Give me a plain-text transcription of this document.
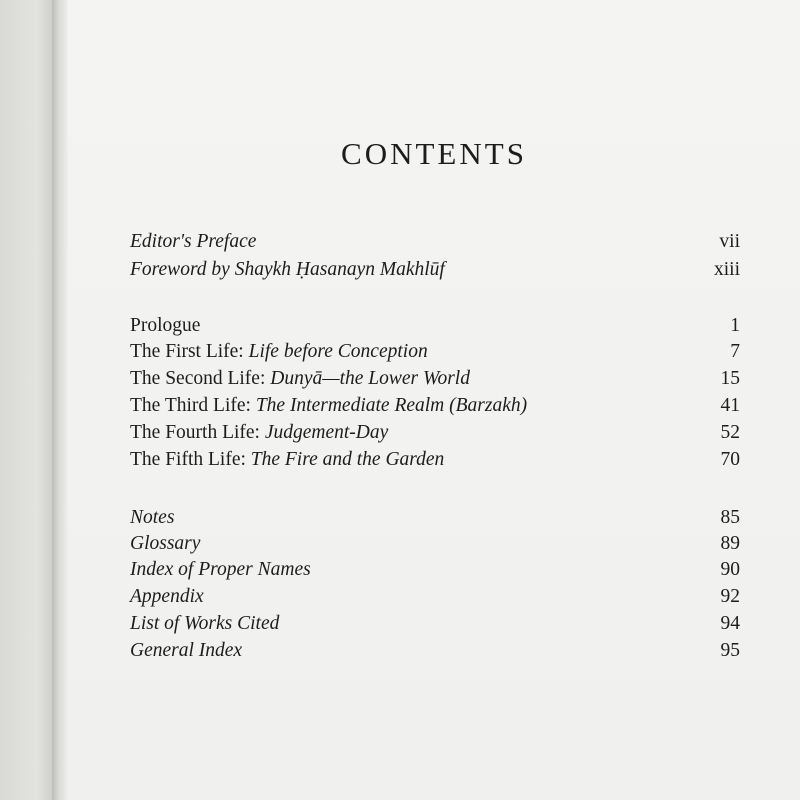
CONTENTS
Editor's Preface	vii
Foreword by Shaykh Ḥasanayn Makhlūf	xiii
Prologue	1
The First Life: Life before Conception	7
The Second Life: Dunyā—the Lower World	15
The Third Life: The Intermediate Realm (Barzakh)	41
The Fourth Life: Judgement-Day	52
The Fifth Life: The Fire and the Garden	70
Notes	85
Glossary	89
Index of Proper Names	90
Appendix	92
List of Works Cited	94
General Index	95
